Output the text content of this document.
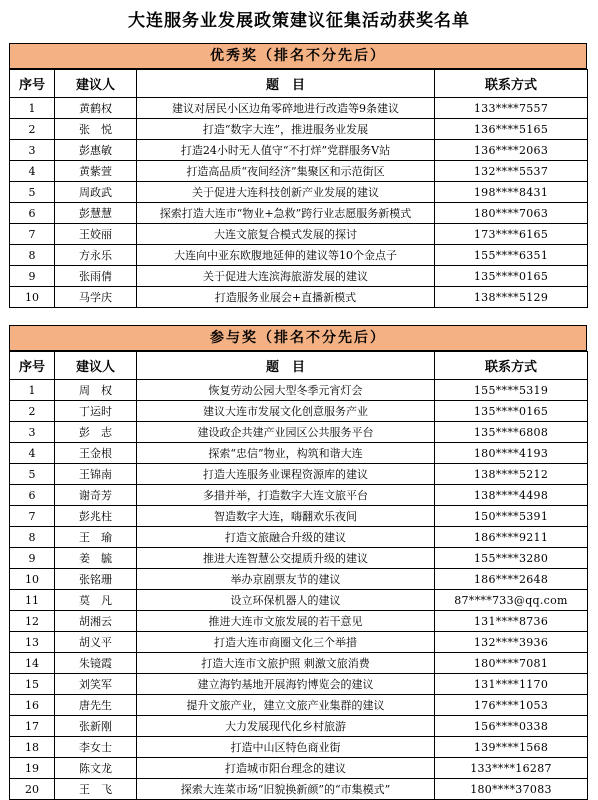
大连服务业发展政策建议征集活动获奖名单
优秀奖（排名不分先后）
序号	建议人	题　目	联系方式
1	黄鹤权	建议对居民小区边角零碎地进行改造等9条建议	133****7557
2	张　悦	打造“数字大连”，推进服务业发展	136****5165
3	彭惠敏	打造24小时无人值守“不打烊”党群服务V站	136****2063
4	黄紫萱	打造高品质“夜间经济”集聚区和示范街区	132****5537
5	周政武	关于促进大连科技创新产业发展的建议	198****8431
6	彭慧慧	探索打造大连市“物业+急救”跨行业志愿服务新模式	180****7063
7	王姣丽	大连文旅复合模式发展的探讨	173****6165
8	方永乐	大连向中亚东欧腹地延伸的建议等10个金点子	155****6351
9	张雨倩	关于促进大连滨海旅游发展的建议	135****0165
10	马学庆	打造服务业展会+直播新模式	138****5129
参与奖（排名不分先后）
序号	建议人	题　目	联系方式
1	周　权	恢复劳动公园大型冬季元宵灯会	155****5319
2	丁运时	建议大连市发展文化创意服务产业	135****0165
3	彭　志	建设政企共建产业园区公共服务平台	135****6808
4	王金根	探索“忠信”物业，构筑和谐大连	180****4193
5	王锦南	打造大连服务业课程资源库的建议	138****5212
6	谢奇芳	多措并举，打造数字大连文旅平台	138****4498
7	彭兆柱	智造数字大连，嗨翻欢乐夜间	150****5391
8	王　瑜	打造文旅融合升级的建议	186****9211
9	姜　毓	推进大连智慧公交提质升级的建议	155****3280
10	张铭珊	举办京剧票友节的建议	186****2648
11	莫　凡	设立环保机器人的建议	87****733@qq.com
12	胡湘云	推进大连市文旅发展的若干意见	131****8736
13	胡义平	打造大连市商圈文化三个举措	132****3936
14	朱镜霞	打造大连市文旅护照 刺激文旅消费	180****7081
15	刘笑军	建立海钓基地开展海钓博览会的建议	131****1170
16	唐先生	提升文旅产业，建立文旅产业集群的建议	176****1053
17	张新刚	大力发展现代化乡村旅游	156****0338
18	李女士	打造中山区特色商业街	139****1568
19	陈文龙	打造城市阳台理念的建议	133****16287
20	王　飞	探索大连菜市场“旧貌换新颜”的“市集模式”	180****37083
